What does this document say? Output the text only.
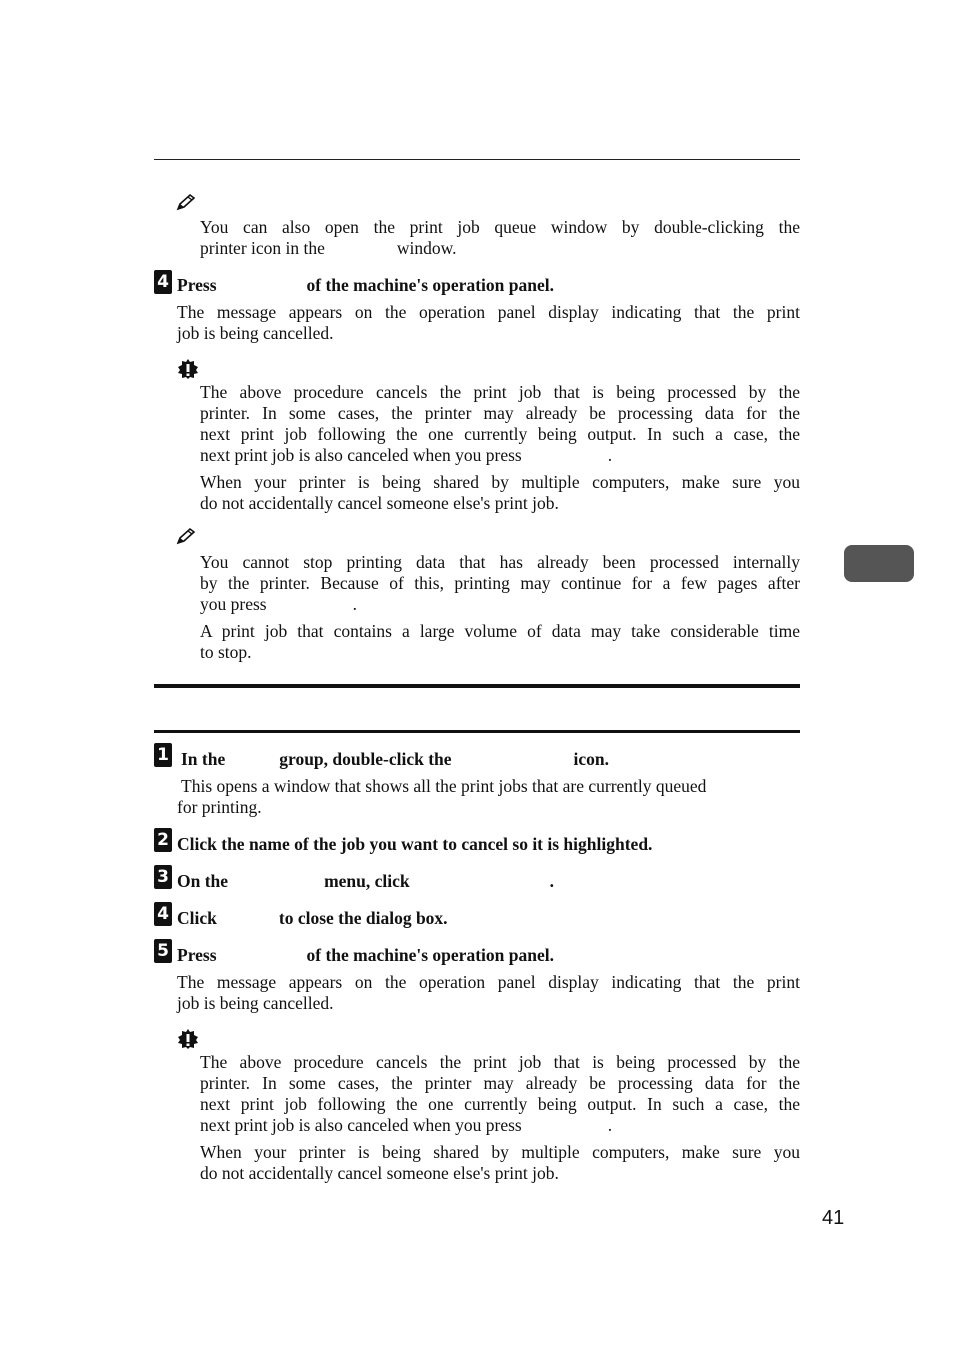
You can also open the print job queue window by double-clicking the
printer icon in the	window.
4 Press	of the machine's operation panel.
The message appears on the operation panel display indicating that the print
job is being cancelled.
The above procedure cancels the print job that is being processed by the
printer. In some cases, the printer may already be processing data for the
next print job following the one currently being output. In such a case, the
next print job is also canceled when you press	.
When your printer is being shared by multiple computers, make sure you
do not accidentally cancel someone else's print job.
You cannot stop printing data that has already been processed internally
by the printer. Because of this, printing may continue for a few pages after
you press	.
A print job that contains a large volume of data may take considerable time
to stop.
1 In the	group, double-click the	icon.
This opens a window that shows all the print jobs that are currently queued
for printing.
2 Click the name of the job you want to cancel so it is highlighted.
3 On the	menu, click	.
4 Click	to close the dialog box.
5 Press	of the machine's operation panel.
The message appears on the operation panel display indicating that the print
job is being cancelled.
The above procedure cancels the print job that is being processed by the
printer. In some cases, the printer may already be processing data for the
next print job following the one currently being output. In such a case, the
next print job is also canceled when you press	.
When your printer is being shared by multiple computers, make sure you
do not accidentally cancel someone else's print job.
41
